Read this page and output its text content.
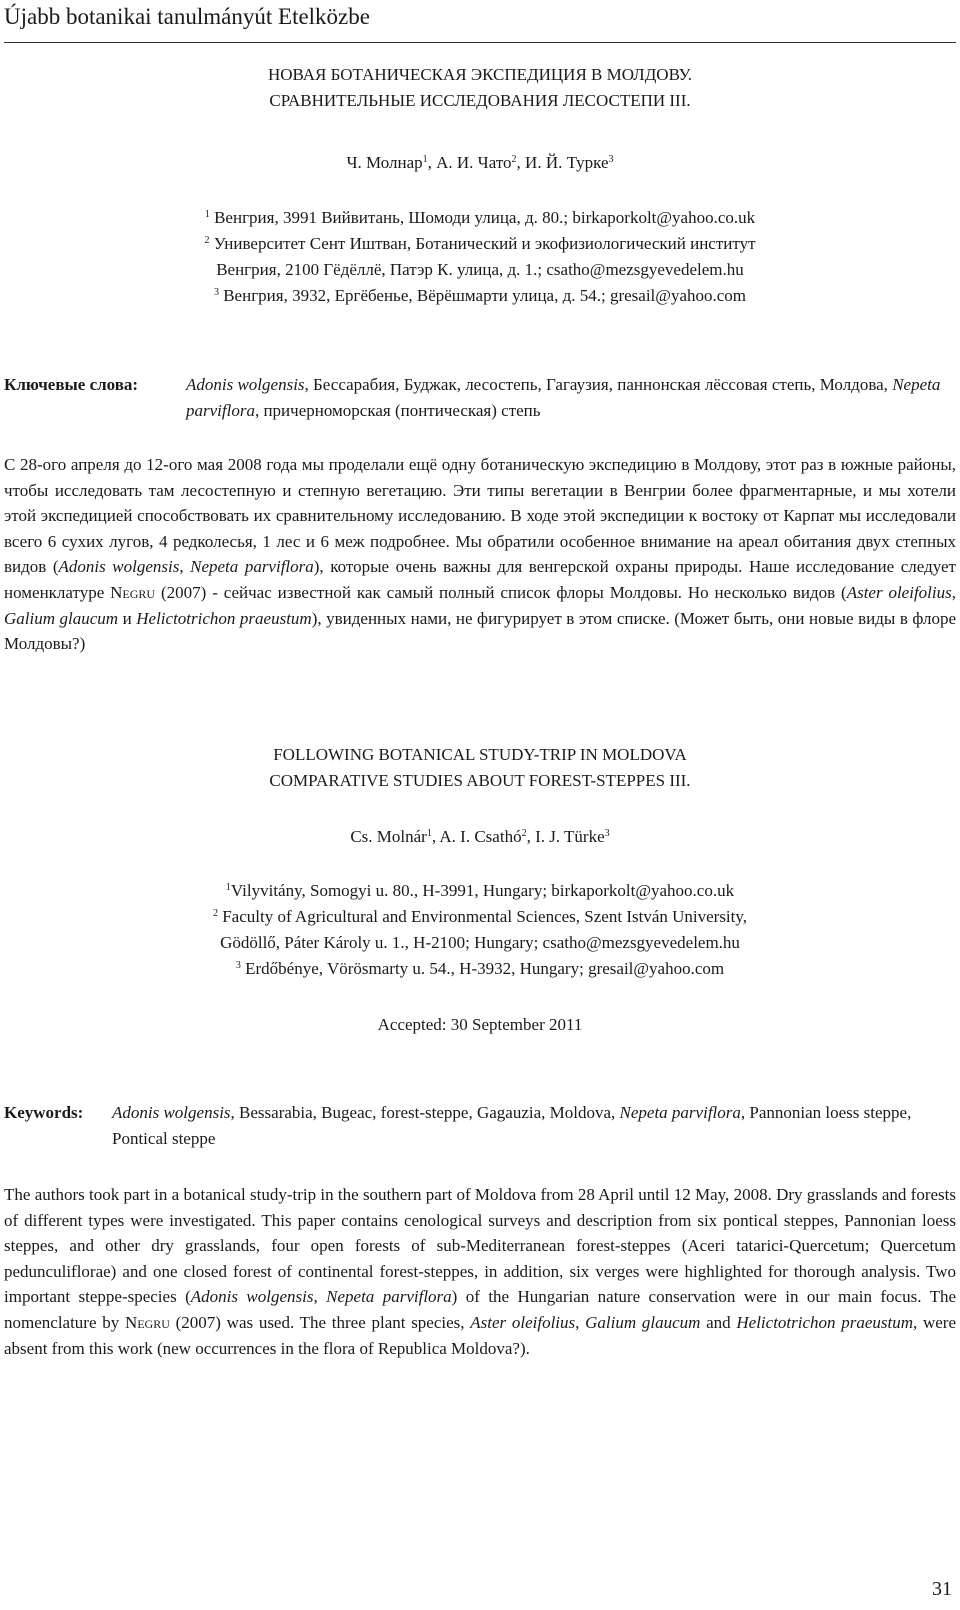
Újabb botanikai tanulmányút Etelközbe
НОВАЯ БОТАНИЧЕСКАЯ ЭКСПЕДИЦИЯ В МОЛДОВУ.
СРАВНИТЕЛЬНЫЕ ИССЛЕДОВАНИЯ ЛЕСОСТЕПИ III.
Ч. Молнар$^1$, А. И. Чато$^2$, И. Й. Турке$^3$
$^1$ Венгрия, 3991 Вийвитань, Шомоди улица, д. 80.; birkaporkolt@yahoo.co.uk
$^2$ Университет Сент Иштван, Ботанический и экофизиологический институт
Венгрия, 2100 Гёдёллё, Патэр К. улица, д. 1.; csatho@mezsgyevedelem.hu
$^3$ Венгрия, 3932, Ергёбенье, Вёрёшмарти улица, д. 54.; gresail@yahoo.com
Ключевые слова:	Adonis wolgensis, Бессарабия, Буджак, лесостепь, Гагаузия, паннонская лёссовая степь, Молдова, Nepeta parviflora, причерноморская (понтическая) степь
С 28-ого апреля до 12-ого мая 2008 года мы проделали ещё одну ботаническую экспедицию в Молдову, этот раз в южные районы, чтобы исследовать там лесостепную и степную вегетацию. Эти типы вегетации в Венгрии более фрагментарные, и мы хотели этой экспедицией способствовать их сравнительному исследованию. В ходе этой экспедиции к востоку от Карпат мы исследовали всего 6 сухих лугов, 4 редколесья, 1 лес и 6 меж подробнее. Мы обратили особенное внимание на ареал обитания двух степных видов (Adonis wolgensis, Nepeta parviflora), которые очень важны для венгерской охраны природы. Наше исследование следует номенклатуре Negru (2007) - сейчас известной как самый полный список флоры Молдовы. Но несколько видов (Aster oleifolius, Galium glaucum и Helictotrichon praeustum), увиденных нами, не фигурирует в этом списке. (Может быть, они новые виды в флоре Молдовы?)
FOLLOWING BOTANICAL STUDY-TRIP IN MOLDOVA
COMPARATIVE STUDIES ABOUT FOREST-STEPPES III.
Cs. Molnár$^1$, A. I. Csathó$^2$, I. J. Türke$^3$
$^1$Vilyvitány, Somogyi u. 80., H-3991, Hungary; birkaporkolt@yahoo.co.uk
$^2$ Faculty of Agricultural and Environmental Sciences, Szent István University,
Gödöllő, Páter Károly u. 1., H-2100; Hungary; csatho@mezsgyevedelem.hu
$^3$ Erdőbénye, Vörösmarty u. 54., H-3932, Hungary; gresail@yahoo.com
Accepted: 30 September 2011
Keywords:	Adonis wolgensis, Bessarabia, Bugeac, forest-steppe, Gagauzia, Moldova, Nepeta parviflora, Pannonian loess steppe, Pontical steppe
The authors took part in a botanical study-trip in the southern part of Moldova from 28 April until 12 May, 2008. Dry grasslands and forests of different types were investigated. This paper contains cenological surveys and description from six pontical steppes, Pannonian loess steppes, and other dry grasslands, four open forests of sub-Mediterranean forest-steppes (Aceri tatarici-Quercetum; Quercetum pedunculiflorae) and one closed forest of continental forest-steppes, in addition, six verges were highlighted for thorough analysis. Two important steppe-species (Adonis wolgensis, Nepeta parviflora) of the Hungarian nature conservation were in our main focus. The nomenclature by Negru (2007) was used. The three plant species, Aster oleifolius, Galium glaucum and Helictotrichon praeustum, were absent from this work (new occurrences in the flora of Republica Moldova?).
31
